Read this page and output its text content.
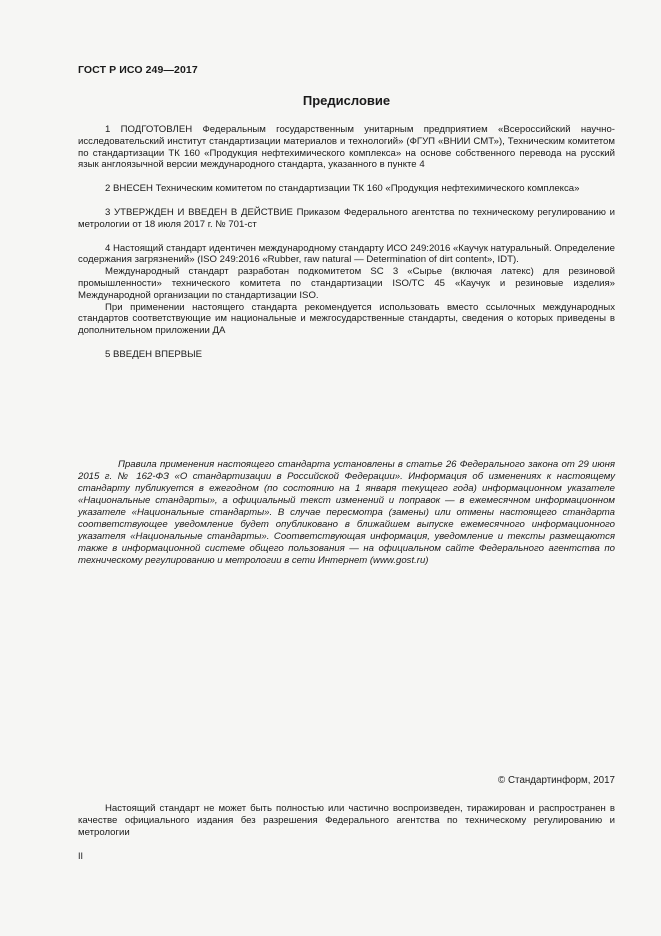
ГОСТ Р ИСО 249—2017
Предисловие

1 ПОДГОТОВЛЕН Федеральным государственным унитарным предприятием «Всероссийский научно-исследовательский институт стандартизации материалов и технологий» (ФГУП «ВНИИ СМТ»), Техническим комитетом по стандартизации ТК 160 «Продукция нефтехимического комплекса» на основе собственного перевода на русский язык англоязычной версии международного стандарта, указанного в пункте 4

2 ВНЕСЕН Техническим комитетом по стандартизации ТК 160 «Продукция нефтехимического комплекса»

3 УТВЕРЖДЕН И ВВЕДЕН В ДЕЙСТВИЕ Приказом Федерального агентства по техническому регулированию и метрологии от 18 июля 2017 г. № 701-ст

4 Настоящий стандарт идентичен международному стандарту ИСО 249:2016 «Каучук натуральный. Определение содержания загрязнений» (ISO 249:2016 «Rubber, raw natural — Determination of dirt content», IDT).

Международный стандарт разработан подкомитетом SC 3 «Сырье (включая латекс) для резиновой промышленности» технического комитета по стандартизации ISO/TC 45 «Каучук и резиновые изделия» Международной организации по стандартизации ISO.

При применении настоящего стандарта рекомендуется использовать вместо ссылочных международных стандартов соответствующие им национальные и межгосударственные стандарты, сведения о которых приведены в дополнительном приложении ДА

5 ВВЕДЕН ВПЕРВЫЕ

Правила применения настоящего стандарта установлены в статье 26 Федерального закона от 29 июня 2015 г. № 162-ФЗ «О стандартизации в Российской Федерации». Информация об изменениях к настоящему стандарту публикуется в ежегодном (по состоянию на 1 января текущего года) информационном указателе «Национальные стандарты», а официальный текст изменений и поправок — в ежемесячном информационном указателе «Национальные стандарты». В случае пересмотра (замены) или отмены настоящего стандарта соответствующее уведомление будет опубликовано в ближайшем выпуске ежемесячного информационного указателя «Национальные стандарты». Соответствующая информация, уведомление и тексты размещаются также в информационной системе общего пользования — на официальном сайте Федерального агентства по техническому регулированию и метрологии в сети Интернет (www.gost.ru)

© Стандартинформ, 2017

Настоящий стандарт не может быть полностью или частично воспроизведен, тиражирован и распространен в качестве официального издания без разрешения Федерального агентства по техническому регулированию и метрологии

II
